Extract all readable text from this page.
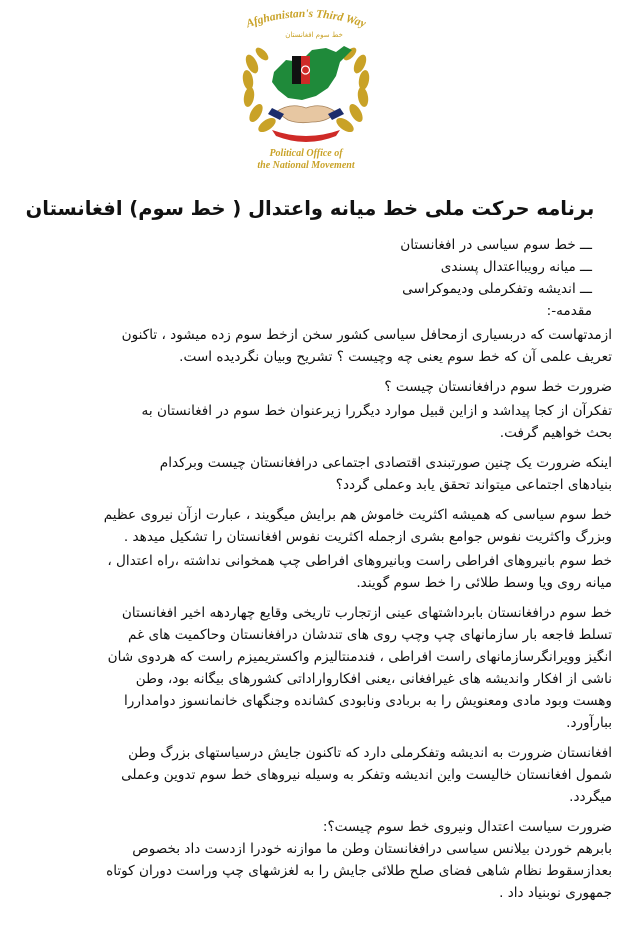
Afghanistan's Third Way
خط سوم افغانستان
Political Office of
the National Movement
برنامه حرکت ملی خط میانه واعتدال ( خط سوم) افغانستان
ـــ خط سوم سیاسی در افغانستان
ـــ میانه رویبااعتدال پسندی
ـــ اندیشه وتفکرملی ودیموکراسی
مقدمه-:
ازمدتهاست که دربسیاری ازمحافل سیاسی کشور سخن ازخط سوم زده میشود ، تاکنون
تعریف علمی آن که خط سوم یعنی چه وچیست ؟ تشریح وبیان نگردیده است.
ضرورت خط سوم درافغانستان چیست ؟
تفکرآن از کجا پیداشد و ازاین قبیل موارد دیگررا زیرعنوان خط سوم در افغانستان به
بحث خواهیم گرفت.
اینکه ضرورت یک چنین صورتبندی اقتصادی اجتماعی درافغانستان چیست وبرکدام
بنیادهای اجتماعی میتواند تحقق یابد وعملی گردد؟
خط سوم سیاسی که همیشه اکثریت خاموش هم برایش میگویند ، عبارت ازآن نیروی عظیم
وبزرگ واکثریت نفوس جوامع بشری ازجمله اکثریت نفوس افغانستان را تشکیل میدهد .
خط سوم بانیروهای افراطی راست وبانیروهای افراطی چپ همخوانی نداشته ،راه اعتدال ،
میانه روی ویا وسط طلائی را خط سوم گویند.
خط سوم درافغانستان بابرداشتهای عینی ازتجارب تاریخی وقایع چهاردهه اخیر افغانستان
تسلط فاجعه بار سازمانهای چپ وچپ روی های تندشان درافغانستان وحاکمیت های غم
انگیز وویرانگرسازمانهای راست افراطی ، فندمنتالیزم واکستریمیزم راست که هردوی شان
ناشی از افکار واندیشه های غیرافغانی ،یعنی افکارواراداتی کشورهای بیگانه بود، وطن
وهست وبود مادی ومعنویش را به بربادی ونابودی کشانده وجنگهای خانمانسوز دوامداررا
ببارآورد.
افغانستان ضرورت به اندیشه وتفکرملی دارد که تاکنون جایش درسیاستهای بزرگ وطن
شمول افغانستان خالیست واین اندیشه وتفکر به وسیله نیروهای خط سوم تدوین وعملی
میگردد.
ضرورت سیاست اعتدال ونیروی خط سوم چیست؟:
بابرهم خوردن بیلانس سیاسی درافغانستان وطن ما موازنه خودرا ازدست داد بخصوص
بعدازسقوط نظام شاهی فضای صلح طلائی جایش را به لغزشهای چپ وراست دوران کوتاه
جمهوری نوبنیاد داد .
